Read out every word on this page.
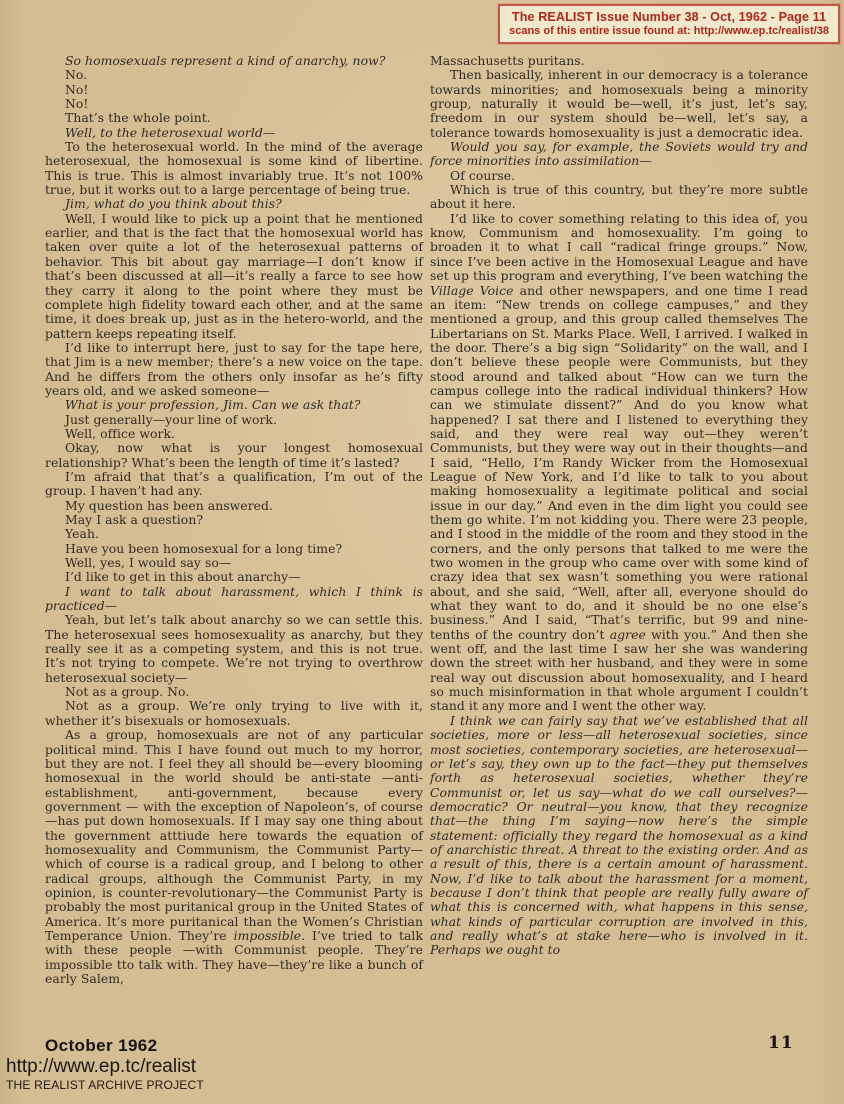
The REALIST Issue Number 38 - Oct, 1962 - Page 11
scans of this entire issue found at: http://www.ep.tc/realist/38

So homosexuals represent a kind of anarchy, now?

No.

No!

No!

That’s the whole point.

Well, to the heterosexual world—

To the heterosexual world. In the mind of the average heterosexual, the homosexual is some kind of libertine. This is true. This is almost invariably true. It’s not 100% true, but it works out to a large percentage of being true.

Jim, what do you think about this?

Well, I would like to pick up a point that he mentioned earlier, and that is the fact that the homosexual world has taken over quite a lot of the heterosexual patterns of behavior. This bit about gay marriage—I don’t know if that’s been discussed at all—it’s really a farce to see how they carry it along to the point where they must be complete high fidelity toward each other, and at the same time, it does break up, just as in the hetero-world, and the pattern keeps repeating itself.

I’d like to interrupt here, just to say for the tape here, that Jim is a new member; there’s a new voice on the tape. And he differs from the others only insofar as he’s fifty years old, and we asked someone—

What is your profession, Jim. Can we ask that?

Just generally—your line of work.

Well, office work.

Okay, now what is your longest homosexual relationship? What’s been the length of time it’s lasted?

I’m afraid that that’s a qualification, I’m out of the group. I haven’t had any.

My question has been answered.

May I ask a question?

Yeah.

Have you been homosexual for a long time?

Well, yes, I would say so—

I’d like to get in this about anarchy—

I want to talk about harassment, which I think is practiced—

Yeah, but let’s talk about anarchy so we can settle this. The heterosexual sees homosexuality as anarchy, but they really see it as a competing system, and this is not true. It’s not trying to compete. We’re not trying to overthrow heterosexual society—

Not as a group. No.

Not as a group. We’re only trying to live with it, whether it’s bisexuals or homosexuals.

As a group, homosexuals are not of any particular political mind. This I have found out much to my horror, but they are not. I feel they all should be—every blooming homosexual in the world should be anti-state —anti-establishment, anti-government, because every government — with the exception of Napoleon’s, of course—has put down homosexuals. If I may say one thing about the government atttiude here towards the equation of homosexuality and Communism, the Communist Party—which of course is a radical group, and I belong to other radical groups, although the Communist Party, in my opinion, is counter-revolutionary—the Communist Party is probably the most puritanical group in the United States of America. It’s more puritanical than the Women’s Christian Temperance Union. They’re impossible. I’ve tried to talk with these people —with Communist people. They’re impossible tto talk with. They have—they’re like a bunch of early Salem,

Massachusetts puritans.

Then basically, inherent in our democracy is a tolerance towards minorities; and homosexuals being a minority group, naturally it would be—well, it’s just, let’s say, freedom in our system should be—well, let’s say, a tolerance towards homosexuality is just a democratic idea.

Would you say, for example, the Soviets would try and force minorities into assimilation—

Of course.

Which is true of this country, but they’re more subtle about it here.

I’d like to cover something relating to this idea of, you know, Communism and homosexuality. I’m going to broaden it to what I call “radical fringe groups.” Now, since I’ve been active in the Homosexual League and have set up this program and everything, I’ve been watching the Village Voice and other newspapers, and one time I read an item: “New trends on college campuses,” and they mentioned a group, and this group called themselves The Libertarians on St. Marks Place. Well, I arrived. I walked in the door. There’s a big sign “Solidarity” on the wall, and I don’t believe these people were Communists, but they stood around and talked about “How can we turn the campus college into the radical individual thinkers? How can we stimulate dissent?” And do you know what happened? I sat there and I listened to everything they said, and they were real way out—they weren’t Communists, but they were way out in their thoughts—and I said, “Hello, I’m Randy Wicker from the Homosexual League of New York, and I’d like to talk to you about making homosexuality a legitimate political and social issue in our day.” And even in the dim light you could see them go white. I’m not kidding you. There were 23 people, and I stood in the middle of the room and they stood in the corners, and the only persons that talked to me were the two women in the group who came over with some kind of crazy idea that sex wasn’t something you were rational about, and she said, “Well, after all, everyone should do what they want to do, and it should be no one else’s business.” And I said, “That’s terrific, but 99 and nine-tenths of the country don’t agree with you.” And then she went off, and the last time I saw her she was wandering down the street with her husband, and they were in some real way out discussion about homosexuality, and I heard so much misinformation in that whole argument I couldn’t stand it any more and I went the other way.

I think we can fairly say that we’ve established that all societies, more or less—all heterosexual societies, since most societies, contemporary societies, are heterosexual—or let’s say, they own up to the fact—they put themselves forth as heterosexual societies, whether they’re Communist or, let us say—what do we call ourselves?—democratic? Or neutral—you know, that they recognize that—the thing I’m saying—now here’s the simple statement: officially they regard the homosexual as a kind of anarchistic threat. A threat to the existing order. And as a result of this, there is a certain amount of harassment. Now, I’d like to talk about the harassment for a moment, because I don’t think that people are really fully aware of what this is concerned with, what happens in this sense, what kinds of particular corruption are involved in this, and really what’s at stake here—who is involved in it. Perhaps we ought to

October 1962	11
http://www.ep.tc/realist
THE REALIST ARCHIVE PROJECT
